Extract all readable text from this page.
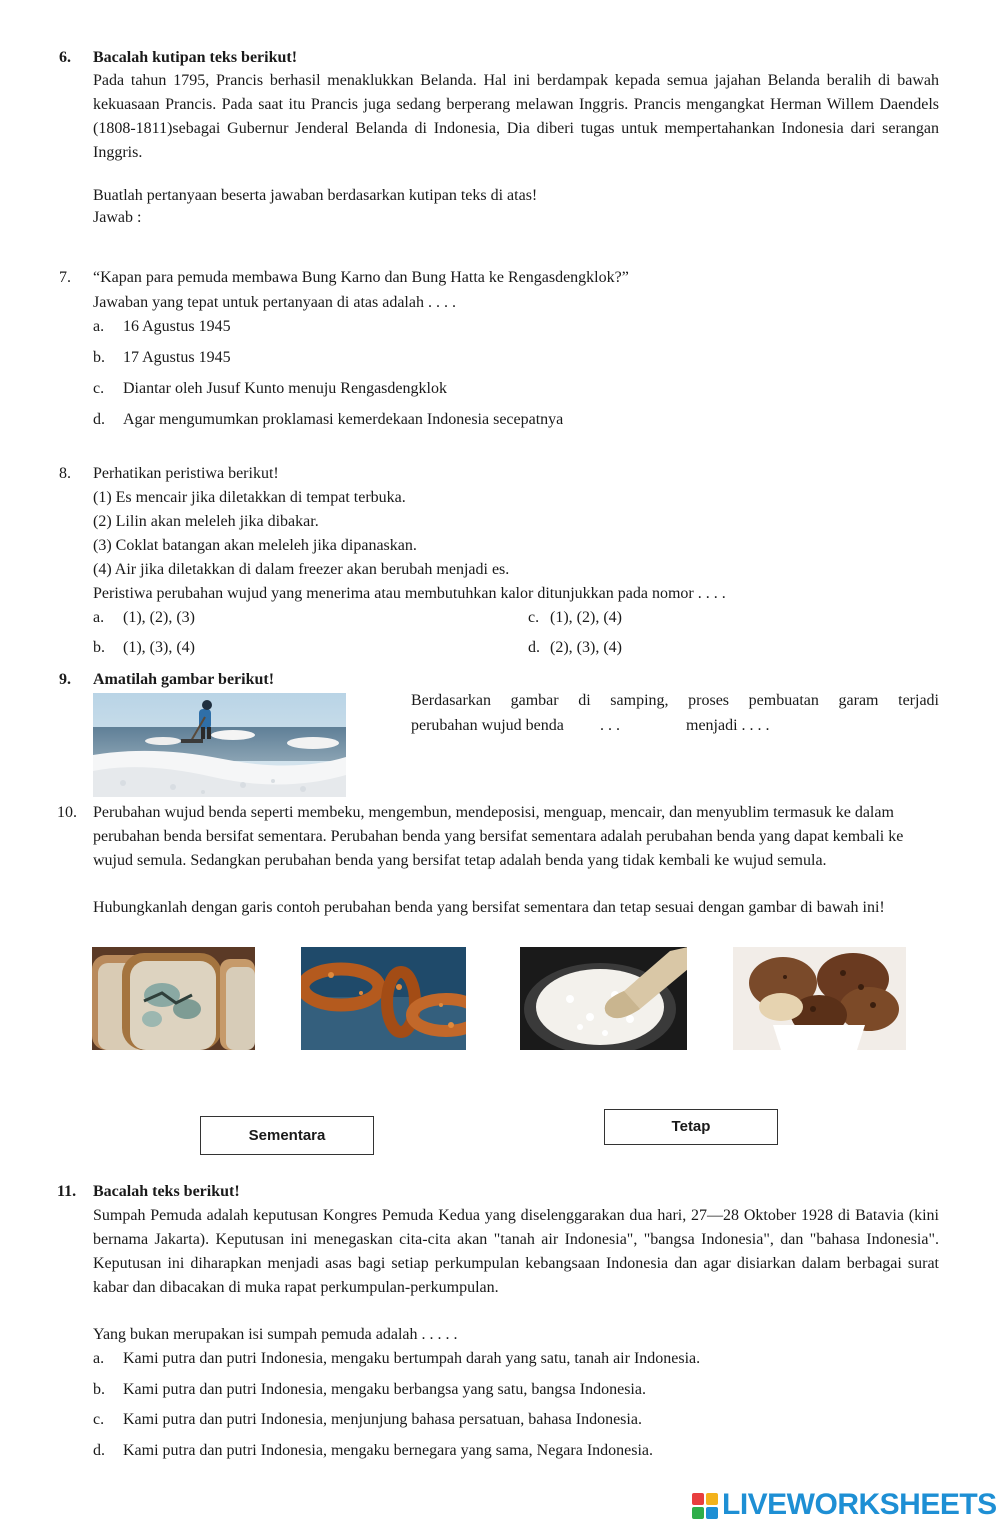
6. Bacalah kutipan teks berikut!
Pada tahun 1795, Prancis berhasil menaklukkan Belanda. Hal ini berdampak kepada semua jajahan Belanda beralih di bawah kekuasaan Prancis. Pada saat itu Prancis juga sedang berperang melawan Inggris. Prancis mengangkat Herman Willem Daendels (1808-1811)sebagai Gubernur Jenderal Belanda di Indonesia, Dia diberi tugas untuk mempertahankan Indonesia dari serangan Inggris.
Buatlah pertanyaan beserta jawaban berdasarkan kutipan teks di atas!
Jawab :
7. “Kapan para pemuda membawa Bung Karno dan Bung Hatta ke Rengasdengklok?”
Jawaban yang tepat untuk pertanyaan di atas adalah . . . .
a. 16 Agustus 1945
b. 17 Agustus 1945
c. Diantar oleh Jusuf Kunto menuju Rengasdengklok
d. Agar mengumumkan proklamasi kemerdekaan Indonesia secepatnya
8. Perhatikan peristiwa berikut!
(1) Es mencair jika diletakkan di tempat terbuka.
(2) Lilin akan meleleh jika dibakar.
(3) Coklat batangan akan meleleh jika dipanaskan.
(4) Air jika diletakkan di dalam freezer akan berubah menjadi es.
Peristiwa perubahan wujud yang menerima atau membutuhkan kalor ditunjukkan pada nomor . . . .
a. (1), (2), (3)
b. (1), (3), (4)
c. (1), (2), (4)
d. (2), (3), (4)
9. Amatilah gambar berikut!
Berdasarkan gambar di samping, proses pembuatan garam terjadi
perubahan wujud benda . . .	menjadi . . . .
10. Perubahan wujud benda seperti membeku, mengembun, mendeposisi, menguap, mencair, dan menyublim termasuk ke dalam perubahan benda bersifat sementara. Perubahan benda yang bersifat sementara adalah perubahan benda yang dapat kembali ke wujud semula. Sedangkan perubahan benda yang bersifat tetap adalah benda yang tidak kembali ke wujud semula.
Hubungkanlah dengan garis contoh perubahan benda yang bersifat sementara dan tetap sesuai dengan gambar di bawah ini!
Sementara
Tetap
11. Bacalah teks berikut!
Sumpah Pemuda adalah keputusan Kongres Pemuda Kedua yang diselenggarakan dua hari, 27—28 Oktober 1928 di Batavia (kini bernama Jakarta). Keputusan ini menegaskan cita-cita akan "tanah air Indonesia", "bangsa Indonesia", dan "bahasa Indonesia". Keputusan ini diharapkan menjadi asas bagi setiap perkumpulan kebangsaan Indonesia dan agar disiarkan dalam berbagai surat kabar dan dibacakan di muka rapat perkumpulan-perkumpulan.
Yang bukan merupakan isi sumpah pemuda adalah . . . . .
a. Kami putra dan putri Indonesia, mengaku bertumpah darah yang satu, tanah air Indonesia.
b. Kami putra dan putri Indonesia, mengaku berbangsa yang satu, bangsa Indonesia.
c. Kami putra dan putri Indonesia, menjunjung bahasa persatuan, bahasa Indonesia.
d. Kami putra dan putri Indonesia, mengaku bernegara yang sama, Negara Indonesia.
LIVEWORKSHEETS
